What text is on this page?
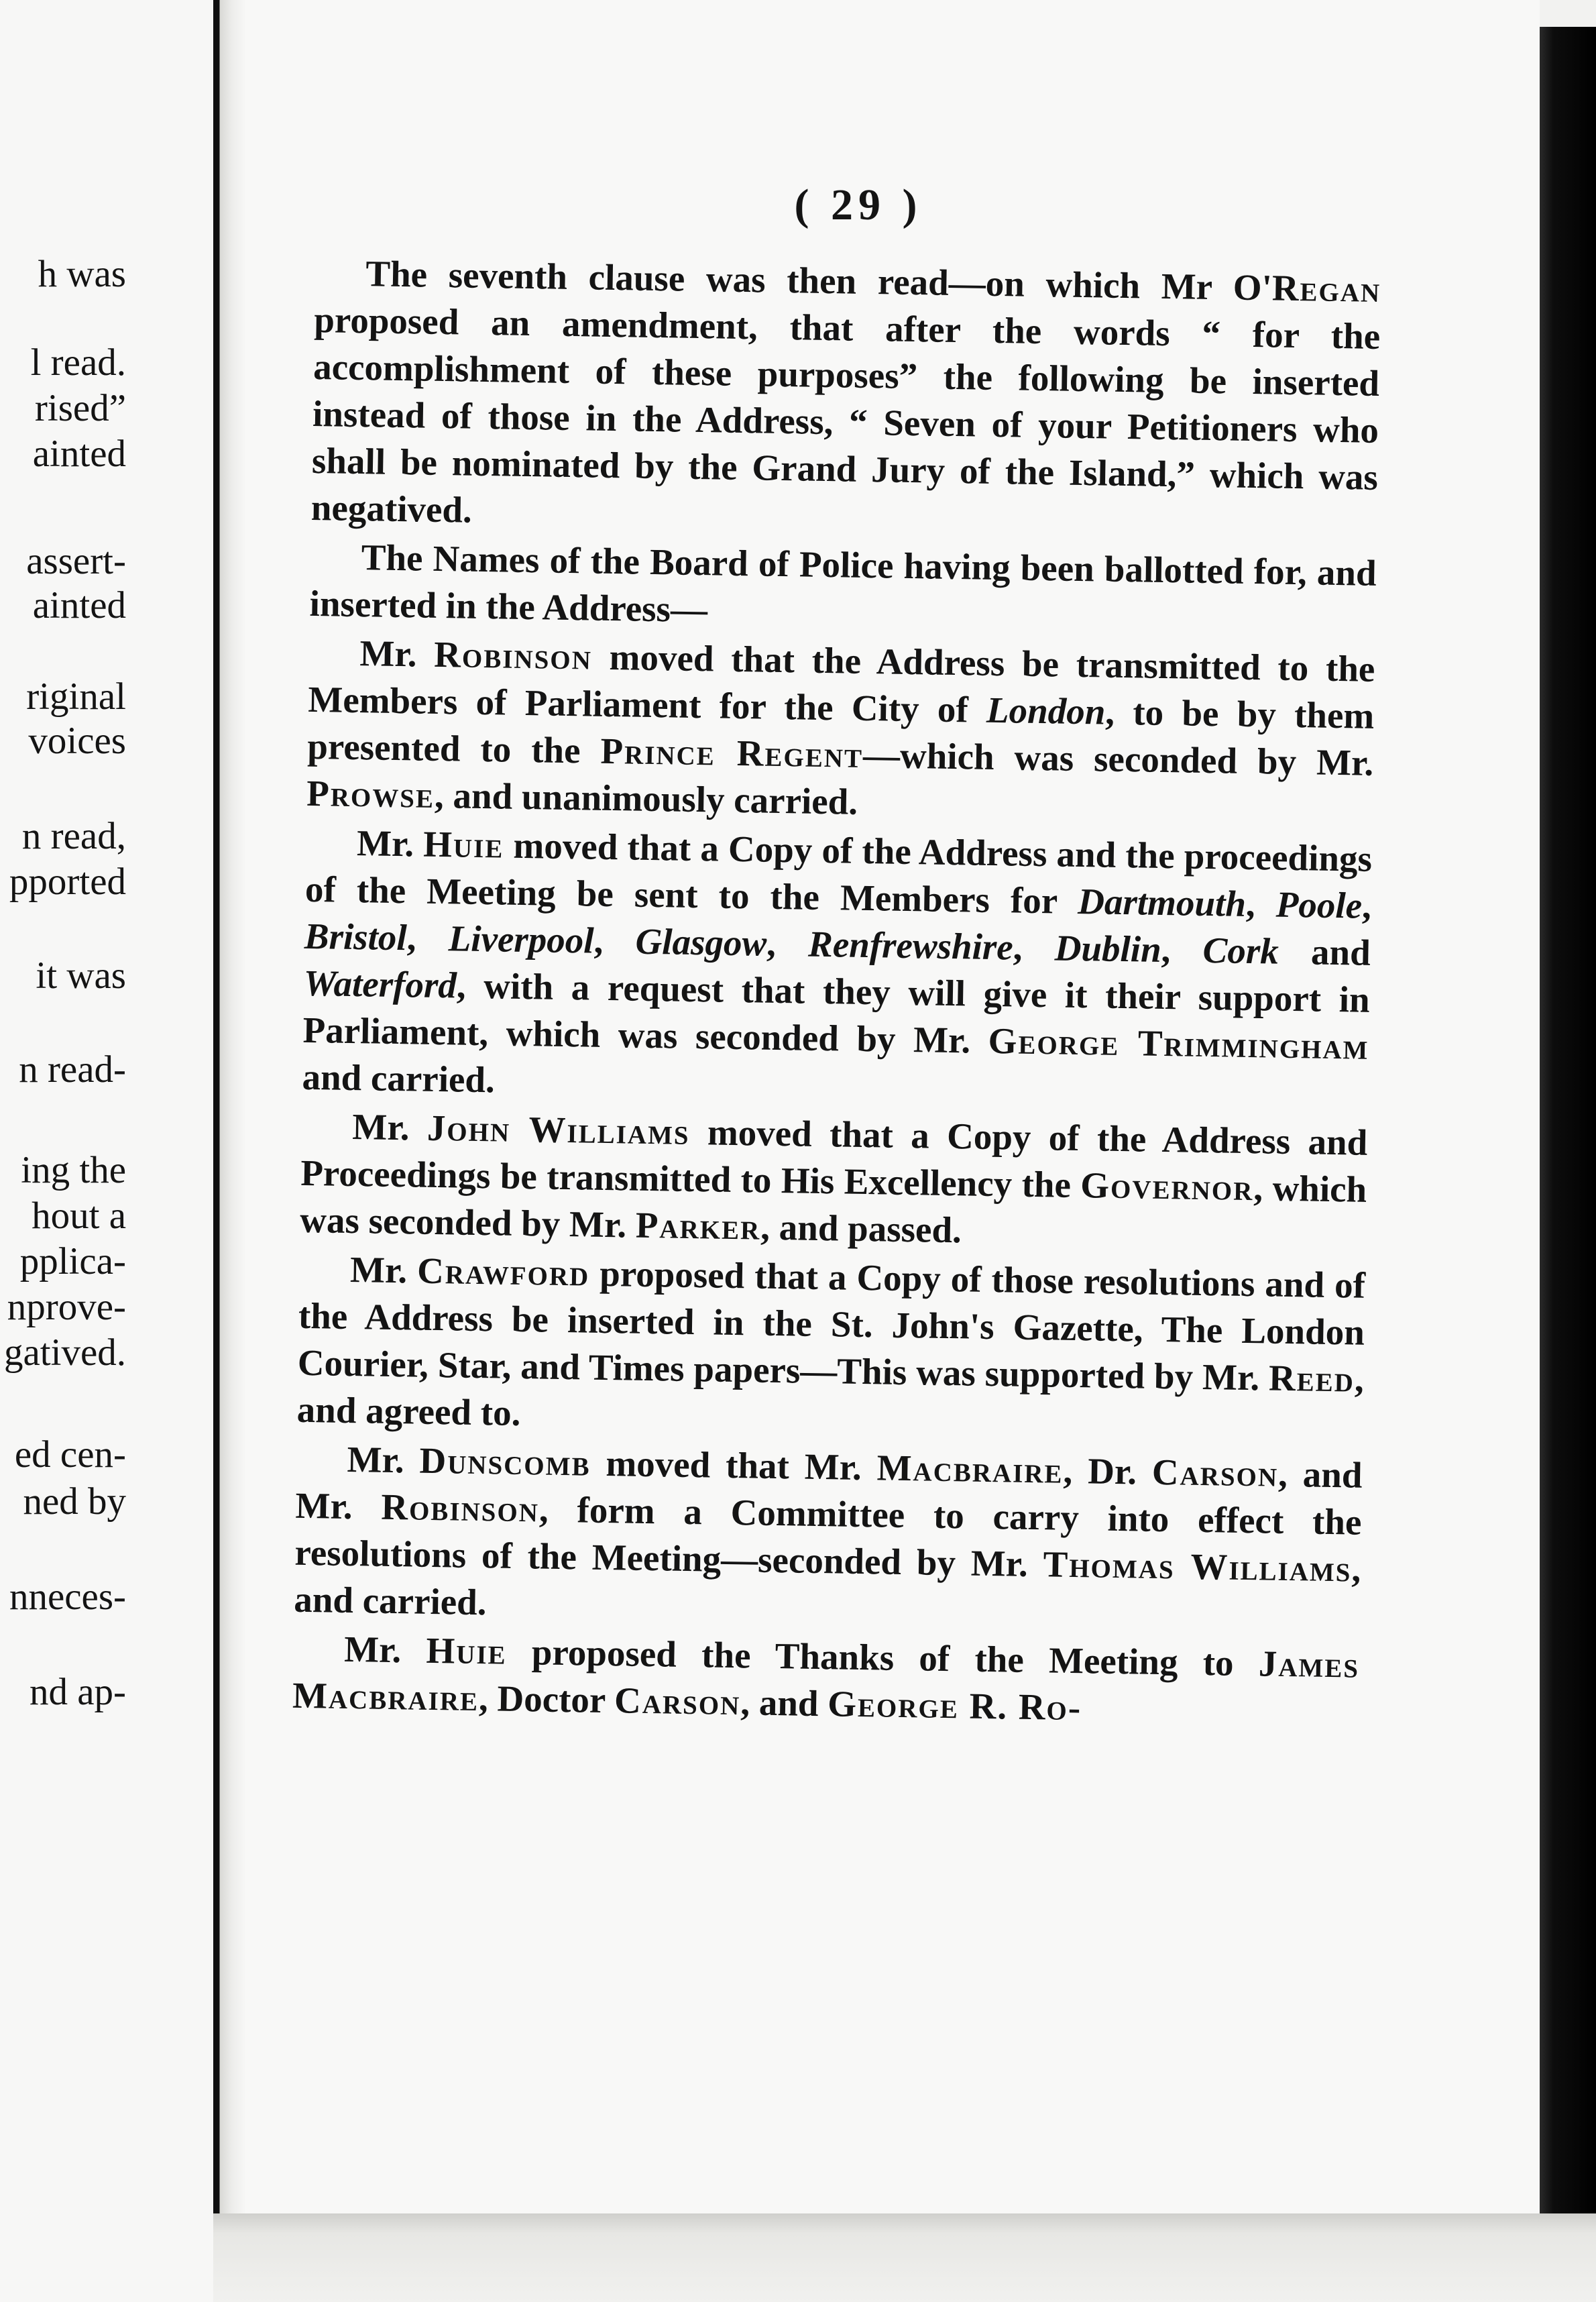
h was
l read.
rised”
ainted
assert-
ainted
riginal
voices
n read,
pported
it was
n read-
ing the
hout a
pplica-
nprove-
gatived.
ed cen-
ned by
nneces-
nd ap-
( 29 )

The seventh clause was then read—on which Mr O'Regan proposed an amendment, that after the words “ for the accomplishment of these purposes” the following be inserted instead of those in the Address, “ Seven of your Petitioners who shall be nominated by the Grand Jury of the Island,” which was negatived.

The Names of the Board of Police having been ballotted for, and inserted in the Address—

Mr. Robinson moved that the Address be transmitted to the Members of Parliament for the City of London, to be by them presented to the Prince Regent—which was seconded by Mr. Prowse, and unanimously carried.

Mr. Huie moved that a Copy of the Address and the proceedings of the Meeting be sent to the Members for Dartmouth, Poole, Bristol, Liverpool, Glasgow, Renfrewshire, Dublin, Cork and Waterford, with a request that they will give it their support in Parliament, which was seconded by Mr. George Trimmingham and carried.

Mr. John Williams moved that a Copy of the Address and Proceedings be transmitted to His Excellency the Governor, which was seconded by Mr. Parker, and passed.

Mr. Crawford proposed that a Copy of those resolutions and of the Address be inserted in the St. John's Gazette, The London Courier, Star, and Times papers—This was supported by Mr. Reed, and agreed to.

Mr. Dunscomb moved that Mr. Macbraire, Dr. Carson, and Mr. Robinson, form a Committee to carry into effect the resolutions of the Meeting—seconded by Mr. Thomas Williams, and carried.

Mr. Huie proposed the Thanks of the Meeting to James Macbraire, Doctor Carson, and George R. Ro-
